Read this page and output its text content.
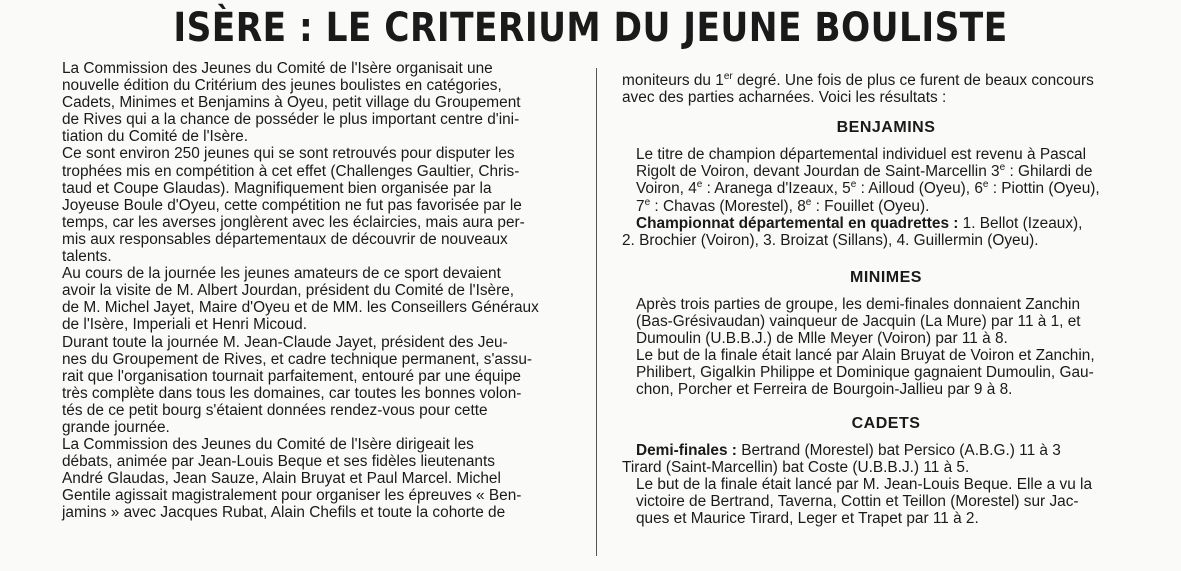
ISÈRE : LE CRITERIUM DU JEUNE BOULISTE

La Commission des Jeunes du Comité de l'Isère organisait une
nouvelle édition du Critérium des jeunes boulistes en catégories,
Cadets, Minimes et Benjamins à Oyeu, petit village du Groupement
de Rives qui a la chance de posséder le plus important centre d'ini-
tiation du Comité de l'Isère.

Ce sont environ 250 jeunes qui se sont retrouvés pour disputer les
trophées mis en compétition à cet effet (Challenges Gaultier, Chris-
taud et Coupe Glaudas). Magnifiquement bien organisée par la
Joyeuse Boule d'Oyeu, cette compétition ne fut pas favorisée par le
temps, car les averses jonglèrent avec les éclaircies, mais aura per-
mis aux responsables départementaux de découvrir de nouveaux
talents.

Au cours de la journée les jeunes amateurs de ce sport devaient
avoir la visite de M. Albert Jourdan, président du Comité de l'Isère,
de M. Michel Jayet, Maire d'Oyeu et de MM. les Conseillers Généraux
de l'Isère, Imperiali et Henri Micoud.

Durant toute la journée M. Jean-Claude Jayet, président des Jeu-
nes du Groupement de Rives, et cadre technique permanent, s'assu-
rait que l'organisation tournait parfaitement, entouré par une équipe
très complète dans tous les domaines, car toutes les bonnes volon-
tés de ce petit bourg s'étaient données rendez-vous pour cette
grande journée.

La Commission des Jeunes du Comité de l'Isère dirigeait les
débats, animée par Jean-Louis Beque et ses fidèles lieutenants
André Glaudas, Jean Sauze, Alain Bruyat et Paul Marcel. Michel
Gentile agissait magistralement pour organiser les épreuves « Ben-
jamins » avec Jacques Rubat, Alain Chefils et toute la cohorte de

moniteurs du 1er degré. Une fois de plus ce furent de beaux concours
avec des parties acharnées. Voici les résultats :

BENJAMINS

Le titre de champion départemental individuel est revenu à Pascal
Rigolt de Voiron, devant Jourdan de Saint-Marcellin 3e : Ghilardi de
Voiron, 4e : Aranega d'Izeaux, 5e : Ailloud (Oyeu), 6e : Piottin (Oyeu),
7e : Chavas (Morestel), 8e : Fouillet (Oyeu).
Championnat départemental en quadrettes : 1. Bellot (Izeaux),

2. Brochier (Voiron), 3. Broizat (Sillans), 4. Guillermin (Oyeu).

MINIMES

Après trois parties de groupe, les demi-finales donnaient Zanchin
(Bas-Grésivaudan) vainqueur de Jacquin (La Mure) par 11 à 1, et
Dumoulin (U.B.B.J.) de Mlle Meyer (Voiron) par 11 à 8.

Le but de la finale était lancé par Alain Bruyat de Voiron et Zanchin,
Philibert, Gigalkin Philippe et Dominique gagnaient Dumoulin, Gau-
chon, Porcher et Ferreira de Bourgoin-Jallieu par 9 à 8.

CADETS

Demi-finales : Bertrand (Morestel) bat Persico (A.B.G.) 11 à 3

Tirard (Saint-Marcellin) bat Coste (U.B.B.J.) 11 à 5.

Le but de la finale était lancé par M. Jean-Louis Beque. Elle a vu la
victoire de Bertrand, Taverna, Cottin et Teillon (Morestel) sur Jac-
ques et Maurice Tirard, Leger et Trapet par 11 à 2.
